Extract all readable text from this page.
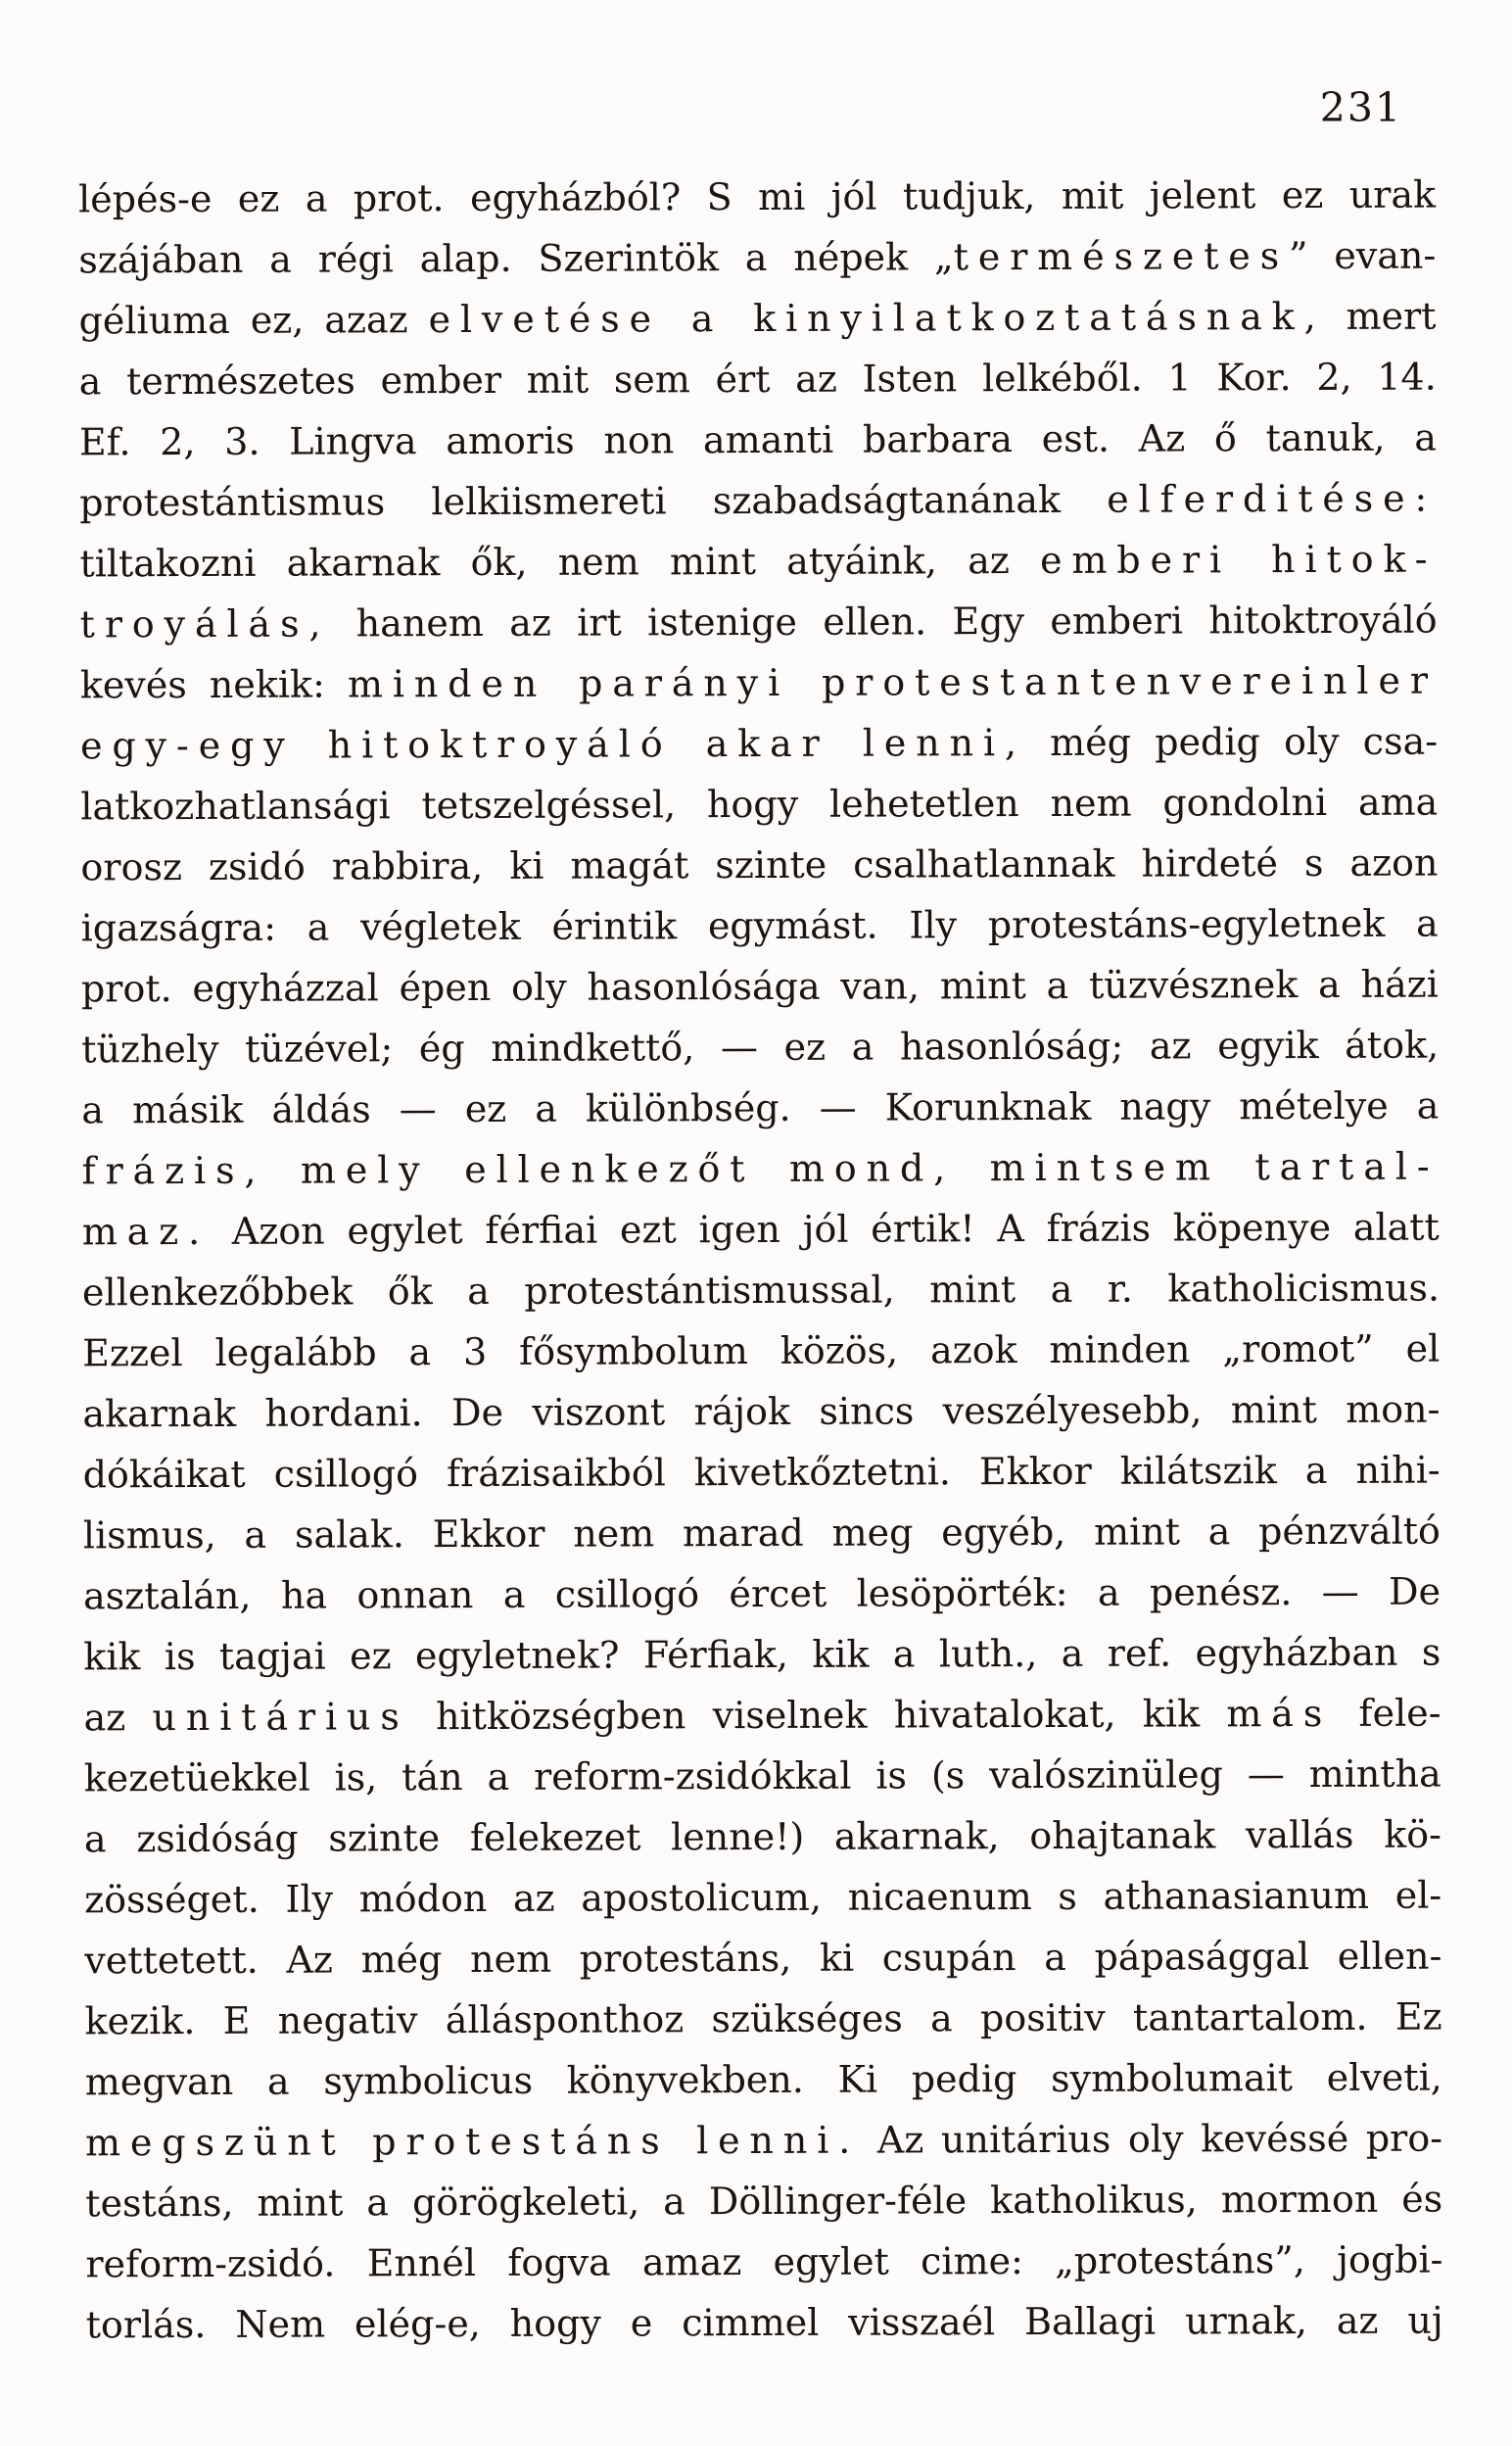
231
lépés-e ez a prot. egyházból? S mi jól tudjuk, mit jelent ez urak
szájában a régi alap. Szerintök a népek „természetes” evan-
géliuma ez, azaz elvetése a kinyilatkoztatásnak, mert
a természetes ember mit sem ért az Isten lelkéből. 1 Kor. 2, 14.
Ef. 2, 3. Lingva amoris non amanti barbara est. Az ő tanuk, a
protestántismus lelkiismereti szabadságtanának elferditése:
tiltakozni akarnak ők, nem mint atyáink, az emberi hitok-
troyálás, hanem az irt istenige ellen. Egy emberi hitoktroyáló
kevés nekik: minden parányi protestantenvereinler
egy-egy hitoktroyáló akar lenni, még pedig oly csa-
latkozhatlansági tetszelgéssel, hogy lehetetlen nem gondolni ama
orosz zsidó rabbira, ki magát szinte csalhatlannak hirdeté s azon
igazságra: a végletek érintik egymást. Ily protestáns-egyletnek a
prot. egyházzal épen oly hasonlósága van, mint a tüzvésznek a házi
tüzhely tüzével; ég mindkettő, — ez a hasonlóság; az egyik átok,
a másik áldás — ez a különbség. — Korunknak nagy mételye a
frázis, mely ellenkezőt mond, mintsem tartal-
maz. Azon egylet férfiai ezt igen jól értik! A frázis köpenye alatt
ellenkezőbbek ők a protestántismussal, mint a r. katholicismus.
Ezzel legalább a 3 fősymbolum közös, azok minden „romot” el
akarnak hordani. De viszont rájok sincs veszélyesebb, mint mon-
dókáikat csillogó frázisaikból kivetkőztetni. Ekkor kilátszik a nihi-
lismus, a salak. Ekkor nem marad meg egyéb, mint a pénzváltó
asztalán, ha onnan a csillogó ércet lesöpörték: a penész. — De
kik is tagjai ez egyletnek? Férfiak, kik a luth., a ref. egyházban s
az unitárius hitközségben viselnek hivatalokat, kik más fele-
kezetüekkel is, tán a reform-zsidókkal is (s valószinüleg — mintha
a zsidóság szinte felekezet lenne!) akarnak, ohajtanak vallás kö-
zösséget. Ily módon az apostolicum, nicaenum s athanasianum el-
vettetett. Az még nem protestáns, ki csupán a pápasággal ellen-
kezik. E negativ állásponthoz szükséges a positiv tantartalom. Ez
megvan a symbolicus könyvekben. Ki pedig symbolumait elveti,
megszünt protestáns lenni. Az unitárius oly kevéssé pro-
testáns, mint a görögkeleti, a Döllinger-féle katholikus, mormon és
reform-zsidó. Ennél fogva amaz egylet cime: „protestáns”, jogbi-
torlás. Nem elég-e, hogy e cimmel visszaél Ballagi urnak, az uj
